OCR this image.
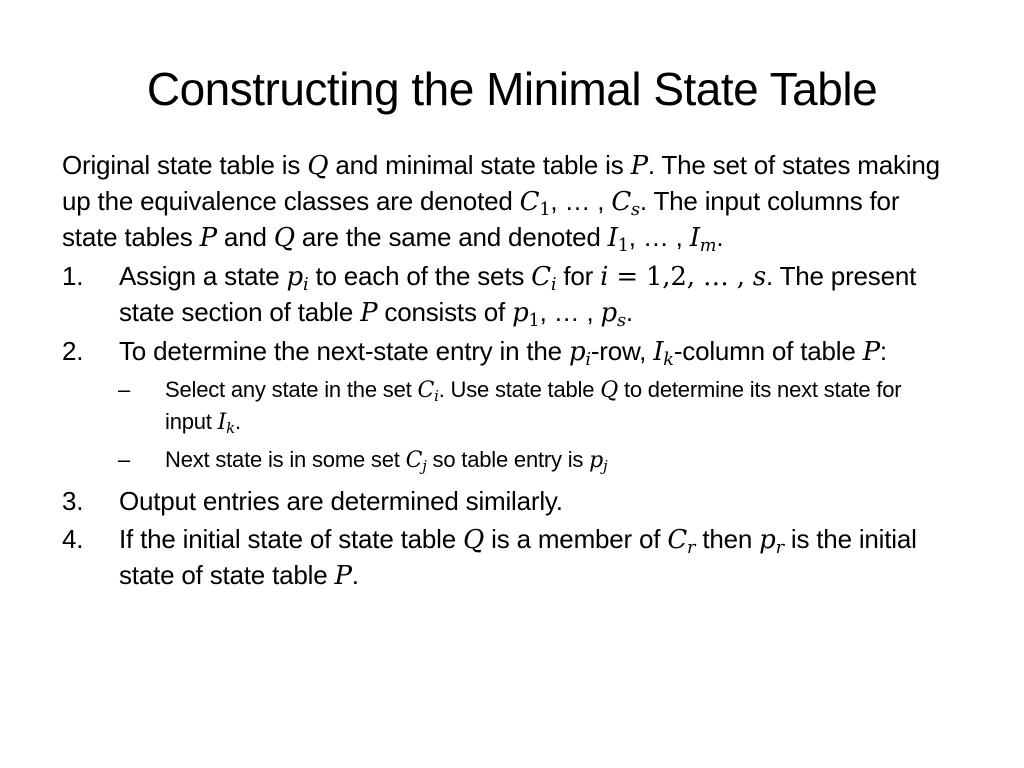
Constructing the Minimal State Table
Original state table is Q and minimal state table is P. The set of states making up the equivalence classes are denoted $C_1$, … , $C_s$. The input columns for state tables P and Q are the same and denoted $I_1$, … , $I_m$.
1. Assign a state $p_i$ to each of the sets $C_i$ for i = 1,2, … , s. The present state section of table P consists of $p_1$, … , $p_s$.
2. To determine the next-state entry in the $p_i$-row, $I_k$-column of table P:
– Select any state in the set $C_i$. Use state table Q to determine its next state for input $I_k$.
– Next state is in some set $C_j$ so table entry is $p_j$
3. Output entries are determined similarly.
4. If the initial state of state table Q is a member of $C_r$ then $p_r$ is the initial state of state table P.
